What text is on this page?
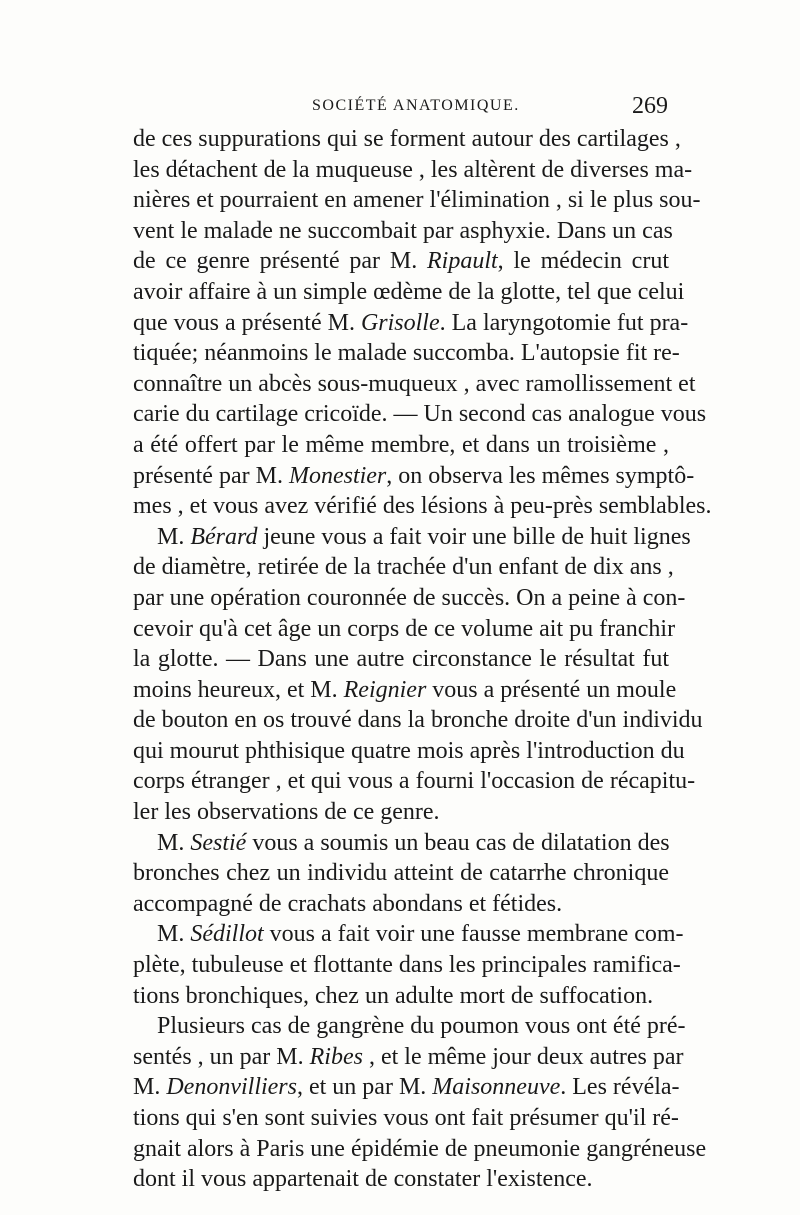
SOCIÉTÉ ANATOMIQUE.	269
de ces suppurations qui se forment autour des cartilages ,
les détachent de la muqueuse , les altèrent de diverses ma-
nières et pourraient en amener l'élimination , si le plus sou-
vent le malade ne succombait par asphyxie. Dans un cas
de ce genre présenté par M. Ripault, le médecin crut
avoir affaire à un simple œdème de la glotte, tel que celui
que vous a présenté M. Grisolle. La laryngotomie fut pra-
tiquée; néanmoins le malade succomba. L'autopsie fit re-
connaître un abcès sous-muqueux , avec ramollissement et
carie du cartilage cricoïde. — Un second cas analogue vous
a été offert par le même membre, et dans un troisième ,
présenté par M. Monestier, on observa les mêmes symptô-
mes , et vous avez vérifié des lésions à peu-près semblables.
M. Bérard jeune vous a fait voir une bille de huit lignes
de diamètre, retirée de la trachée d'un enfant de dix ans ,
par une opération couronnée de succès. On a peine à con-
cevoir qu'à cet âge un corps de ce volume ait pu franchir
la glotte. — Dans une autre circonstance le résultat fut
moins heureux, et M. Reignier vous a présenté un moule
de bouton en os trouvé dans la bronche droite d'un individu
qui mourut phthisique quatre mois après l'introduction du
corps étranger , et qui vous a fourni l'occasion de récapitu-
ler les observations de ce genre.
M. Sestié vous a soumis un beau cas de dilatation des
bronches chez un individu atteint de catarrhe chronique
accompagné de crachats abondans et fétides.
M. Sédillot vous a fait voir une fausse membrane com-
plète, tubuleuse et flottante dans les principales ramifica-
tions bronchiques, chez un adulte mort de suffocation.
Plusieurs cas de gangrène du poumon vous ont été pré-
sentés , un par M. Ribes , et le même jour deux autres par
M. Denonvilliers, et un par M. Maisonneuve. Les révéla-
tions qui s'en sont suivies vous ont fait présumer qu'il ré-
gnait alors à Paris une épidémie de pneumonie gangréneuse
dont il vous appartenait de constater l'existence.
